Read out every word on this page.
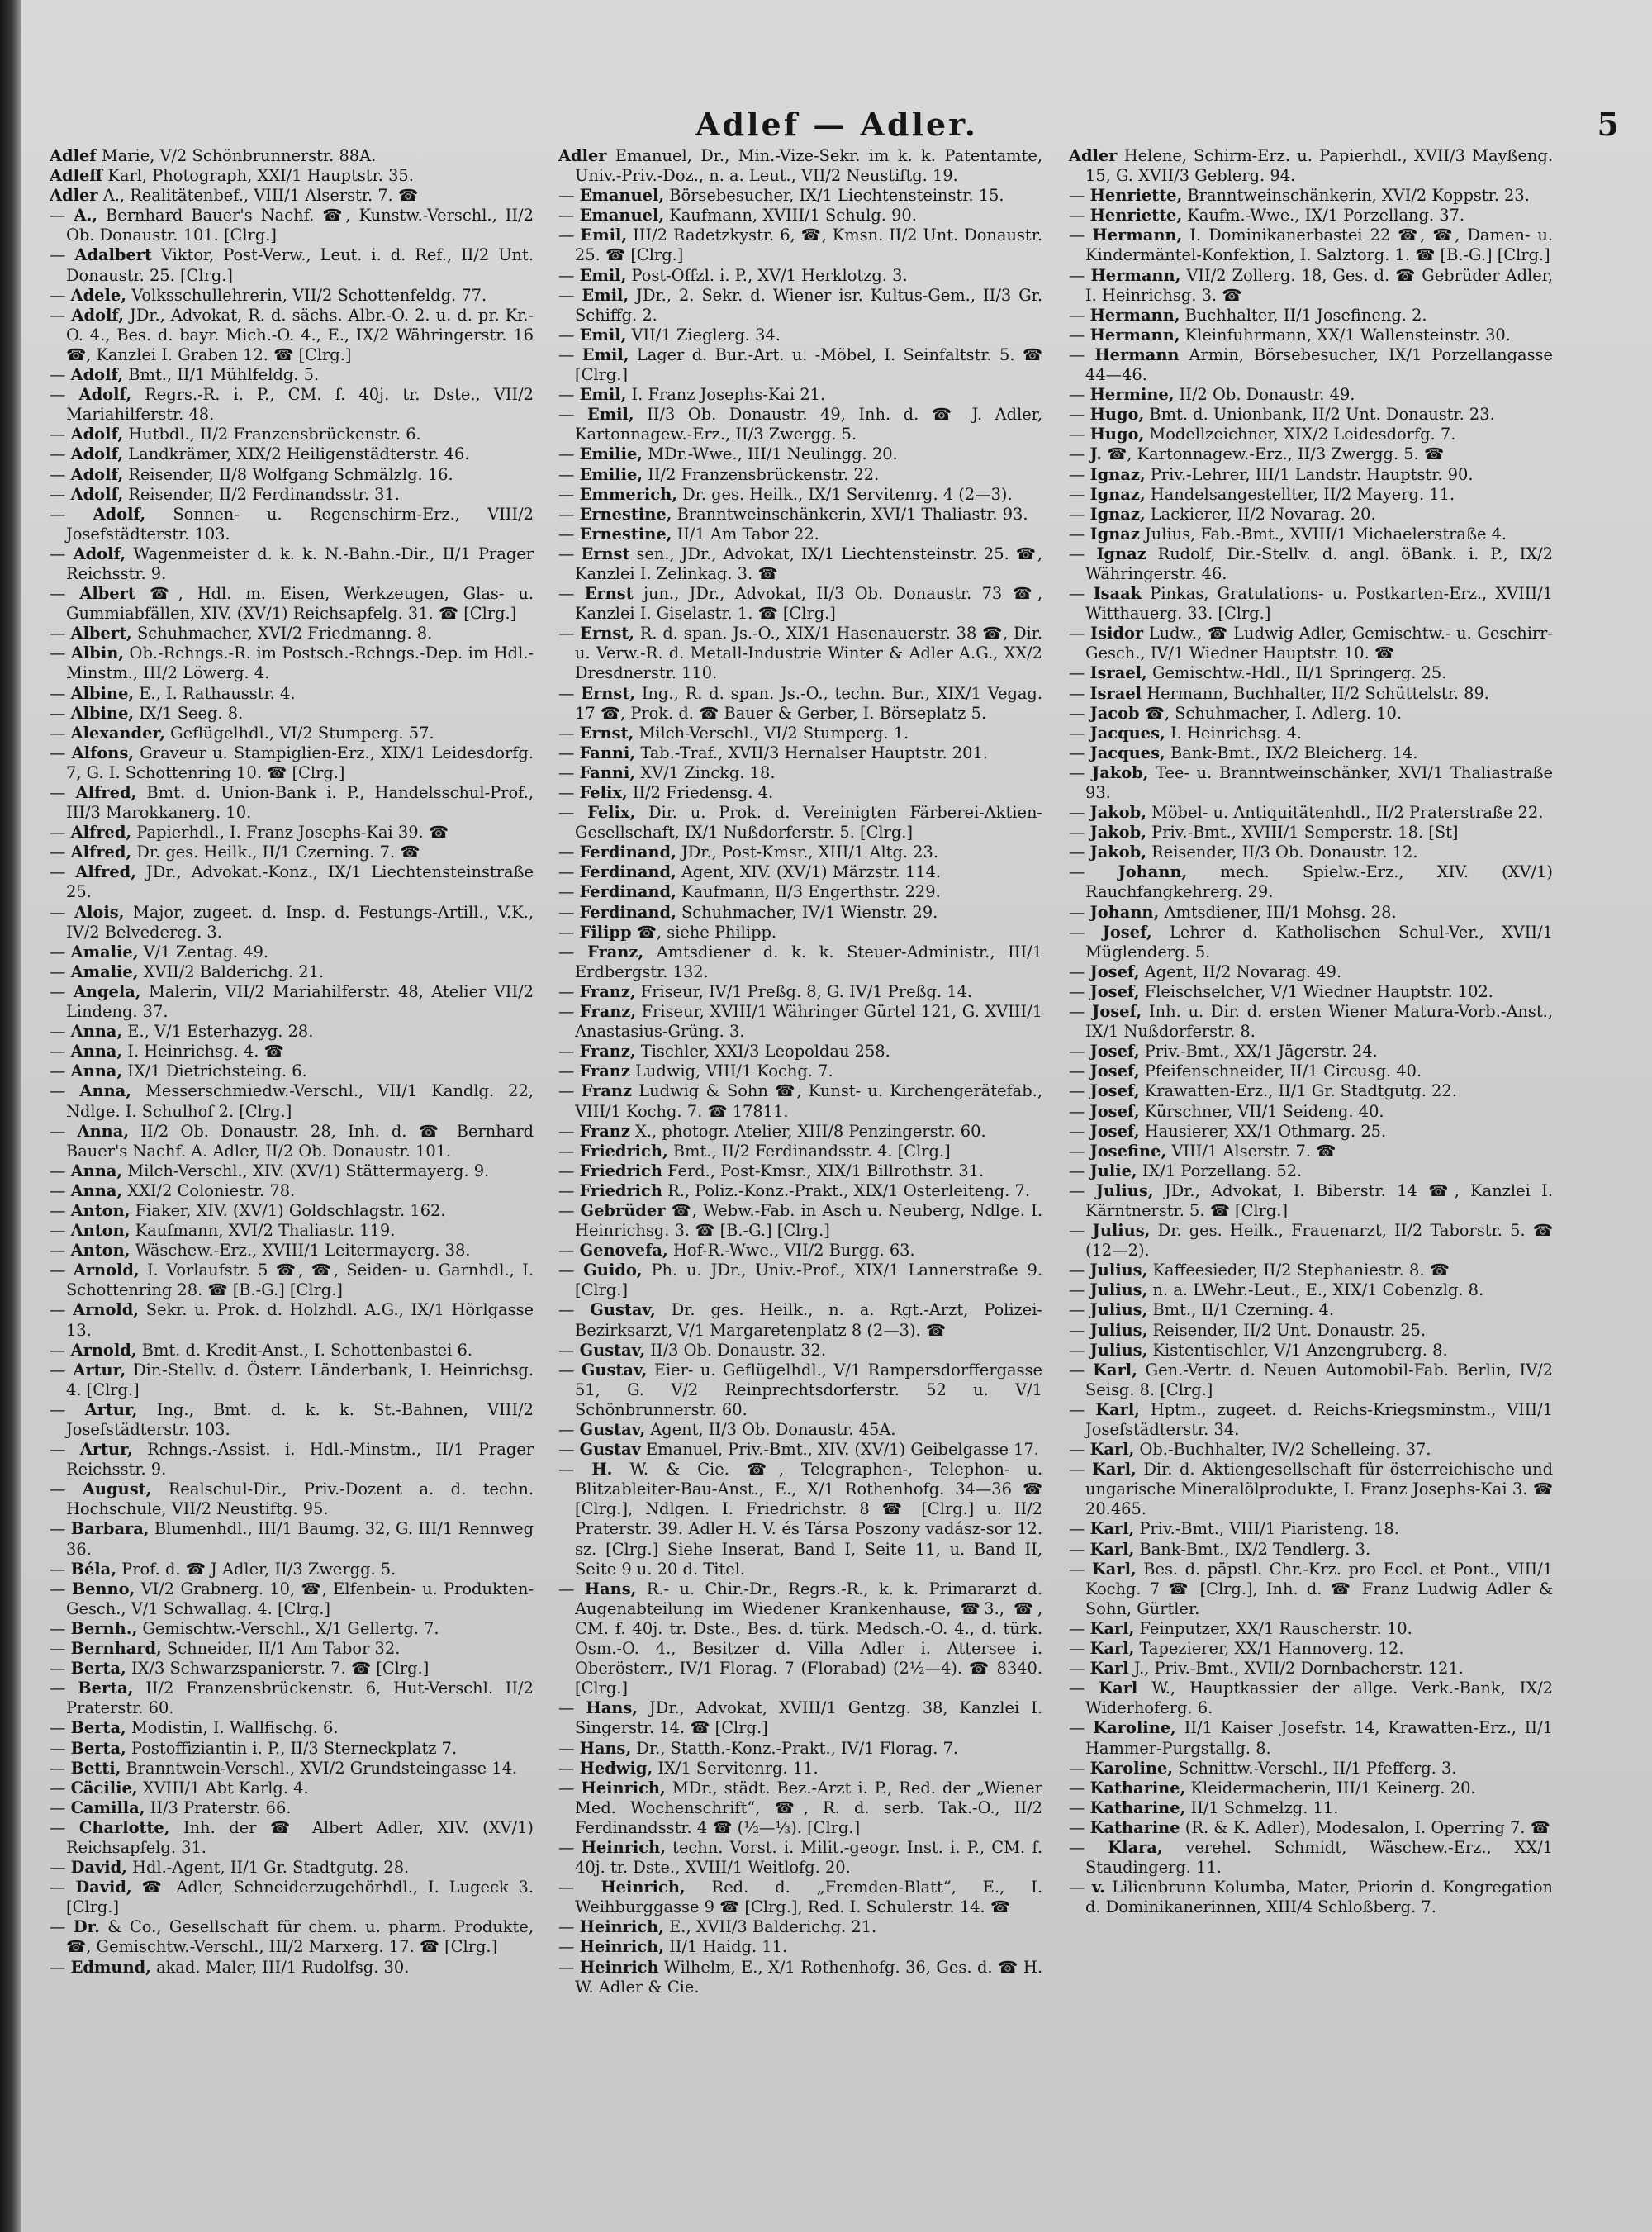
Adlef — Adler.	5
Adlef Marie, V/2 Schönbrunnerstr. 88A.
Adleff Karl, Photograph, XXI/1 Hauptstr. 35.
Adler A., Realitätenbef., VIII/1 Alserstr. 7. ☎
— A., Bernhard Bauer's Nachf. ☎, Kunstw.-Verschl., II/2 Ob. Donaustr. 101. [Clrg.]
— Adalbert Viktor, Post-Verw., Leut. i. d. Ref., II/2 Unt. Donaustr. 25. [Clrg.]
— Adele, Volksschullehrerin, VII/2 Schottenfeldg. 77.
— Adolf, JDr., Advokat, R. d. sächs. Albr.-O. 2. u. d. pr. Kr.-O. 4., Bes. d. bayr. Mich.-O. 4., E., IX/2 Währingerstr. 16 ☎, Kanzlei I. Graben 12. ☎ [Clrg.]
— Adolf, Bmt., II/1 Mühlfeldg. 5.
— Adolf, Regrs.-R. i. P., CM. f. 40j. tr. Dste., VII/2 Mariahilferstr. 48.
— Adolf, Hutbdl., II/2 Franzensbrückenstr. 6.
— Adolf, Landkrämer, XIX/2 Heiligenstädterstr. 46.
— Adolf, Reisender, II/8 Wolfgang Schmälzlg. 16.
— Adolf, Reisender, II/2 Ferdinandsstr. 31.
— Adolf, Sonnen- u. Regenschirm-Erz., VIII/2 Josefstädterstr. 103.
— Adolf, Wagenmeister d. k. k. N.-Bahn.-Dir., II/1 Prager Reichsstr. 9.
— Albert ☎, Hdl. m. Eisen, Werkzeugen, Glas- u. Gummiabfällen, XIV. (XV/1) Reichsapfelg. 31. ☎ [Clrg.]
— Albert, Schuhmacher, XVI/2 Friedmanng. 8.
— Albin, Ob.-Rchngs.-R. im Postsch.-Rchngs.-Dep. im Hdl.-Minstm., III/2 Löwerg. 4.
— Albine, E., I. Rathausstr. 4.
— Albine, IX/1 Seeg. 8.
— Alexander, Geflügelhdl., VI/2 Stumperg. 57.
— Alfons, Graveur u. Stampiglien-Erz., XIX/1 Leidesdorfg. 7, G. I. Schottenring 10. ☎ [Clrg.]
— Alfred, Bmt. d. Union-Bank i. P., Handelsschul-Prof., III/3 Marokkanerg. 10.
— Alfred, Papierhdl., I. Franz Josephs-Kai 39. ☎
— Alfred, Dr. ges. Heilk., II/1 Czerning. 7. ☎
— Alfred, JDr., Advokat.-Konz., IX/1 Liechtensteinstraße 25.
— Alois, Major, zugeet. d. Insp. d. Festungs-Artill., V.K., IV/2 Belvedereg. 3.
— Amalie, V/1 Zentag. 49.
— Amalie, XVII/2 Balderichg. 21.
— Angela, Malerin, VII/2 Mariahilferstr. 48, Atelier VII/2 Lindeng. 37.
— Anna, E., V/1 Esterhazyg. 28.
— Anna, I. Heinrichsg. 4. ☎
— Anna, IX/1 Dietrichsteing. 6.
— Anna, Messerschmiedw.-Verschl., VII/1 Kandlg. 22, Ndlge. I. Schulhof 2. [Clrg.]
— Anna, II/2 Ob. Donaustr. 28, Inh. d. ☎ Bernhard Bauer's Nachf. A. Adler, II/2 Ob. Donaustr. 101.
— Anna, Milch-Verschl., XIV. (XV/1) Stättermayerg. 9.
— Anna, XXI/2 Coloniestr. 78.
— Anton, Fiaker, XIV. (XV/1) Goldschlagstr. 162.
— Anton, Kaufmann, XVI/2 Thaliastr. 119.
— Anton, Wäschew.-Erz., XVIII/1 Leitermayerg. 38.
— Arnold, I. Vorlaufstr. 5 ☎, ☎, Seiden- u. Garnhdl., I. Schottenring 28. ☎ [B.-G.] [Clrg.]
— Arnold, Sekr. u. Prok. d. Holzhdl. A.G., IX/1 Hörlgasse 13.
— Arnold, Bmt. d. Kredit-Anst., I. Schottenbastei 6.
— Artur, Dir.-Stellv. d. Österr. Länderbank, I. Heinrichsg. 4. [Clrg.]
— Artur, Ing., Bmt. d. k. k. St.-Bahnen, VIII/2 Josefstädterstr. 103.
— Artur, Rchngs.-Assist. i. Hdl.-Minstm., II/1 Prager Reichsstr. 9.
— August, Realschul-Dir., Priv.-Dozent a. d. techn. Hochschule, VII/2 Neustiftg. 95.
— Barbara, Blumenhdl., III/1 Baumg. 32, G. III/1 Rennweg 36.
— Béla, Prof. d. ☎ J Adler, II/3 Zwergg. 5.
— Benno, VI/2 Grabnerg. 10, ☎, Elfenbein- u. Produkten-Gesch., V/1 Schwallag. 4. [Clrg.]
— Bernh., Gemischtw.-Verschl., X/1 Gellertg. 7.
— Bernhard, Schneider, II/1 Am Tabor 32.
— Berta, IX/3 Schwarzspanierstr. 7. ☎ [Clrg.]
— Berta, II/2 Franzensbrückenstr. 6, Hut-Verschl. II/2 Praterstr. 60.
— Berta, Modistin, I. Wallfischg. 6.
— Berta, Postoffiziantin i. P., II/3 Sterneckplatz 7.
— Betti, Branntwein-Verschl., XVI/2 Grundsteingasse 14.
— Cäcilie, XVIII/1 Abt Karlg. 4.
— Camilla, II/3 Praterstr. 66.
— Charlotte, Inh. der ☎ Albert Adler, XIV. (XV/1) Reichsapfelg. 31.
— David, Hdl.-Agent, II/1 Gr. Stadtgutg. 28.
— David, ☎ Adler, Schneiderzugehörhdl., I. Lugeck 3. [Clrg.]
— Dr. & Co., Gesellschaft für chem. u. pharm. Produkte, ☎, Gemischtw.-Verschl., III/2 Marxerg. 17. ☎ [Clrg.]
— Edmund, akad. Maler, III/1 Rudolfsg. 30.
Adler Emanuel, Dr., Min.-Vize-Sekr. im k. k. Patentamte, Univ.-Priv.-Doz., n. a. Leut., VII/2 Neustiftg. 19.
— Emanuel, Börsebesucher, IX/1 Liechtensteinstr. 15.
— Emanuel, Kaufmann, XVIII/1 Schulg. 90.
— Emil, III/2 Radetzkystr. 6, ☎, Kmsn. II/2 Unt. Donaustr. 25. ☎ [Clrg.]
— Emil, Post-Offzl. i. P., XV/1 Herklotzg. 3.
— Emil, JDr., 2. Sekr. d. Wiener isr. Kultus-Gem., II/3 Gr. Schiffg. 2.
— Emil, VII/1 Zieglerg. 34.
— Emil, Lager d. Bur.-Art. u. -Möbel, I. Seinfaltstr. 5. ☎ [Clrg.]
— Emil, I. Franz Josephs-Kai 21.
— Emil, II/3 Ob. Donaustr. 49, Inh. d. ☎ J. Adler, Kartonnagew.-Erz., II/3 Zwergg. 5.
— Emilie, MDr.-Wwe., III/1 Neulingg. 20.
— Emilie, II/2 Franzensbrückenstr. 22.
— Emmerich, Dr. ges. Heilk., IX/1 Servitenrg. 4 (2—3).
— Ernestine, Branntweinschänkerin, XVI/1 Thaliastr. 93.
— Ernestine, II/1 Am Tabor 22.
— Ernst sen., JDr., Advokat, IX/1 Liechtensteinstr. 25. ☎, Kanzlei I. Zelinkag. 3. ☎
— Ernst jun., JDr., Advokat, II/3 Ob. Donaustr. 73 ☎, Kanzlei I. Giselastr. 1. ☎ [Clrg.]
— Ernst, R. d. span. Js.-O., XIX/1 Hasenauerstr. 38 ☎, Dir. u. Verw.-R. d. Metall-Industrie Winter & Adler A.G., XX/2 Dresdnerstr. 110.
— Ernst, Ing., R. d. span. Js.-O., techn. Bur., XIX/1 Vegag. 17 ☎, Prok. d. ☎ Bauer & Gerber, I. Börseplatz 5.
— Ernst, Milch-Verschl., VI/2 Stumperg. 1.
— Fanni, Tab.-Traf., XVII/3 Hernalser Hauptstr. 201.
— Fanni, XV/1 Zinckg. 18.
— Felix, II/2 Friedensg. 4.
— Felix, Dir. u. Prok. d. Vereinigten Färberei-Aktien-Gesellschaft, IX/1 Nußdorferstr. 5. [Clrg.]
— Ferdinand, JDr., Post-Kmsr., XIII/1 Altg. 23.
— Ferdinand, Agent, XIV. (XV/1) Märzstr. 114.
— Ferdinand, Kaufmann, II/3 Engerthstr. 229.
— Ferdinand, Schuhmacher, IV/1 Wienstr. 29.
— Filipp ☎, siehe Philipp.
— Franz, Amtsdiener d. k. k. Steuer-Administr., III/1 Erdbergstr. 132.
— Franz, Friseur, IV/1 Preßg. 8, G. IV/1 Preßg. 14.
— Franz, Friseur, XVIII/1 Währinger Gürtel 121, G. XVIII/1 Anastasius-Grüng. 3.
— Franz, Tischler, XXI/3 Leopoldau 258.
— Franz Ludwig, VIII/1 Kochg. 7.
— Franz Ludwig & Sohn ☎, Kunst- u. Kirchengerätefab., VIII/1 Kochg. 7. ☎ 17811.
— Franz X., photogr. Atelier, XIII/8 Penzingerstr. 60.
— Friedrich, Bmt., II/2 Ferdinandsstr. 4. [Clrg.]
— Friedrich Ferd., Post-Kmsr., XIX/1 Billrothstr. 31.
— Friedrich R., Poliz.-Konz.-Prakt., XIX/1 Osterleiteng. 7.
— Gebrüder ☎, Webw.-Fab. in Asch u. Neuberg, Ndlge. I. Heinrichsg. 3. ☎ [B.-G.] [Clrg.]
— Genovefa, Hof-R.-Wwe., VII/2 Burgg. 63.
— Guido, Ph. u. JDr., Univ.-Prof., XIX/1 Lannerstraße 9. [Clrg.]
— Gustav, Dr. ges. Heilk., n. a. Rgt.-Arzt, Polizei-Bezirksarzt, V/1 Margaretenplatz 8 (2—3). ☎
— Gustav, II/3 Ob. Donaustr. 32.
— Gustav, Eier- u. Geflügelhdl., V/1 Rampersdorffergasse 51, G. V/2 Reinprechtsdorferstr. 52 u. V/1 Schönbrunnerstr. 60.
— Gustav, Agent, II/3 Ob. Donaustr. 45A.
— Gustav Emanuel, Priv.-Bmt., XIV. (XV/1) Geibelgasse 17.
— H. W. & Cie. ☎, Telegraphen-, Telephon- u. Blitzableiter-Bau-Anst., E., X/1 Rothenhofg. 34—36 ☎ [Clrg.], Ndlgen. I. Friedrichstr. 8 ☎ [Clrg.] u. II/2 Praterstr. 39. Adler H. V. és Társa Poszony vadász-sor 12. sz. [Clrg.] Siehe Inserat, Band I, Seite 11, u. Band II, Seite 9 u. 20 d. Titel.
— Hans, R.- u. Chir.-Dr., Regrs.-R., k. k. Primararzt d. Augenabteilung im Wiedener Krankenhause, ☎3., ☎, CM. f. 40j. tr. Dste., Bes. d. türk. Medsch.-O. 4., d. türk. Osm.-O. 4., Besitzer d. Villa Adler i. Attersee i. Oberösterr., IV/1 Florag. 7 (Florabad) (2½—4). ☎ 8340. [Clrg.]
— Hans, JDr., Advokat, XVIII/1 Gentzg. 38, Kanzlei I. Singerstr. 14. ☎ [Clrg.]
— Hans, Dr., Statth.-Konz.-Prakt., IV/1 Florag. 7.
— Hedwig, IX/1 Servitenrg. 11.
— Heinrich, MDr., städt. Bez.-Arzt i. P., Red. der „Wiener Med. Wochenschrift“, ☎, R. d. serb. Tak.-O., II/2 Ferdinandsstr. 4 ☎ (½—⅓). [Clrg.]
— Heinrich, techn. Vorst. i. Milit.-geogr. Inst. i. P., CM. f. 40j. tr. Dste., XVIII/1 Weitlofg. 20.
— Heinrich, Red. d. „Fremden-Blatt“, E., I. Weihburggasse 9 ☎ [Clrg.], Red. I. Schulerstr. 14. ☎
— Heinrich, E., XVII/3 Balderichg. 21.
— Heinrich, II/1 Haidg. 11.
— Heinrich Wilhelm, E., X/1 Rothenhofg. 36, Ges. d. ☎ H. W. Adler & Cie.
Adler Helene, Schirm-Erz. u. Papierhdl., XVII/3 Mayßeng. 15, G. XVII/3 Geblerg. 94.
— Henriette, Branntweinschänkerin, XVI/2 Koppstr. 23.
— Henriette, Kaufm.-Wwe., IX/1 Porzellang. 37.
— Hermann, I. Dominikanerbastei 22 ☎, ☎, Damen- u. Kindermäntel-Konfektion, I. Salztorg. 1. ☎ [B.-G.] [Clrg.]
— Hermann, VII/2 Zollerg. 18, Ges. d. ☎ Gebrüder Adler, I. Heinrichsg. 3. ☎
— Hermann, Buchhalter, II/1 Josefineng. 2.
— Hermann, Kleinfuhrmann, XX/1 Wallensteinstr. 30.
— Hermann Armin, Börsebesucher, IX/1 Porzellangasse 44—46.
— Hermine, II/2 Ob. Donaustr. 49.
— Hugo, Bmt. d. Unionbank, II/2 Unt. Donaustr. 23.
— Hugo, Modellzeichner, XIX/2 Leidesdorfg. 7.
— J. ☎, Kartonnagew.-Erz., II/3 Zwergg. 5. ☎
— Ignaz, Priv.-Lehrer, III/1 Landstr. Hauptstr. 90.
— Ignaz, Handelsangestellter, II/2 Mayerg. 11.
— Ignaz, Lackierer, II/2 Novarag. 20.
— Ignaz Julius, Fab.-Bmt., XVIII/1 Michaelerstraße 4.
— Ignaz Rudolf, Dir.-Stellv. d. angl. öBank. i. P., IX/2 Währingerstr. 46.
— Isaak Pinkas, Gratulations- u. Postkarten-Erz., XVIII/1 Witthauerg. 33. [Clrg.]
— Isidor Ludw., ☎ Ludwig Adler, Gemischtw.- u. Geschirr-Gesch., IV/1 Wiedner Hauptstr. 10. ☎
— Israel, Gemischtw.-Hdl., II/1 Springerg. 25.
— Israel Hermann, Buchhalter, II/2 Schüttelstr. 89.
— Jacob ☎, Schuhmacher, I. Adlerg. 10.
— Jacques, I. Heinrichsg. 4.
— Jacques, Bank-Bmt., IX/2 Bleicherg. 14.
— Jakob, Tee- u. Branntweinschänker, XVI/1 Thaliastraße 93.
— Jakob, Möbel- u. Antiquitätenhdl., II/2 Praterstraße 22.
— Jakob, Priv.-Bmt., XVIII/1 Semperstr. 18. [St]
— Jakob, Reisender, II/3 Ob. Donaustr. 12.
— Johann, mech. Spielw.-Erz., XIV. (XV/1) Rauchfangkehrerg. 29.
— Johann, Amtsdiener, III/1 Mohsg. 28.
— Josef, Lehrer d. Katholischen Schul-Ver., XVII/1 Müglenderg. 5.
— Josef, Agent, II/2 Novarag. 49.
— Josef, Fleischselcher, V/1 Wiedner Hauptstr. 102.
— Josef, Inh. u. Dir. d. ersten Wiener Matura-Vorb.-Anst., IX/1 Nußdorferstr. 8.
— Josef, Priv.-Bmt., XX/1 Jägerstr. 24.
— Josef, Pfeifenschneider, II/1 Circusg. 40.
— Josef, Krawatten-Erz., II/1 Gr. Stadtgutg. 22.
— Josef, Kürschner, VII/1 Seideng. 40.
— Josef, Hausierer, XX/1 Othmarg. 25.
— Josefine, VIII/1 Alserstr. 7. ☎
— Julie, IX/1 Porzellang. 52.
— Julius, JDr., Advokat, I. Biberstr. 14 ☎, Kanzlei I. Kärntnerstr. 5. ☎ [Clrg.]
— Julius, Dr. ges. Heilk., Frauenarzt, II/2 Taborstr. 5. ☎ (12—2).
— Julius, Kaffeesieder, II/2 Stephaniestr. 8. ☎
— Julius, n. a. LWehr.-Leut., E., XIX/1 Cobenzlg. 8.
— Julius, Bmt., II/1 Czerning. 4.
— Julius, Reisender, II/2 Unt. Donaustr. 25.
— Julius, Kistentischler, V/1 Anzengruberg. 8.
— Karl, Gen.-Vertr. d. Neuen Automobil-Fab. Berlin, IV/2 Seisg. 8. [Clrg.]
— Karl, Hptm., zugeet. d. Reichs-Kriegsminstm., VIII/1 Josefstädterstr. 34.
— Karl, Ob.-Buchhalter, IV/2 Schelleing. 37.
— Karl, Dir. d. Aktiengesellschaft für österreichische und ungarische Mineralölprodukte, I. Franz Josephs-Kai 3. ☎ 20.465.
— Karl, Priv.-Bmt., VIII/1 Piaristeng. 18.
— Karl, Bank-Bmt., IX/2 Tendlerg. 3.
— Karl, Bes. d. päpstl. Chr.-Krz. pro Eccl. et Pont., VIII/1 Kochg. 7 ☎ [Clrg.], Inh. d. ☎ Franz Ludwig Adler & Sohn, Gürtler.
— Karl, Feinputzer, XX/1 Rauscherstr. 10.
— Karl, Tapezierer, XX/1 Hannoverg. 12.
— Karl J., Priv.-Bmt., XVII/2 Dornbacherstr. 121.
— Karl W., Hauptkassier der allge. Verk.-Bank, IX/2 Widerhoferg. 6.
— Karoline, II/1 Kaiser Josefstr. 14, Krawatten-Erz., II/1 Hammer-Purgstallg. 8.
— Karoline, Schnittw.-Verschl., II/1 Pfefferg. 3.
— Katharine, Kleidermacherin, III/1 Keinerg. 20.
— Katharine, II/1 Schmelzg. 11.
— Katharine (R. & K. Adler), Modesalon, I. Operring 7. ☎
— Klara, verehel. Schmidt, Wäschew.-Erz., XX/1 Staudingerg. 11.
— v. Lilienbrunn Kolumba, Mater, Priorin d. Kongregation d. Dominikanerinnen, XIII/4 Schloßberg. 7.
